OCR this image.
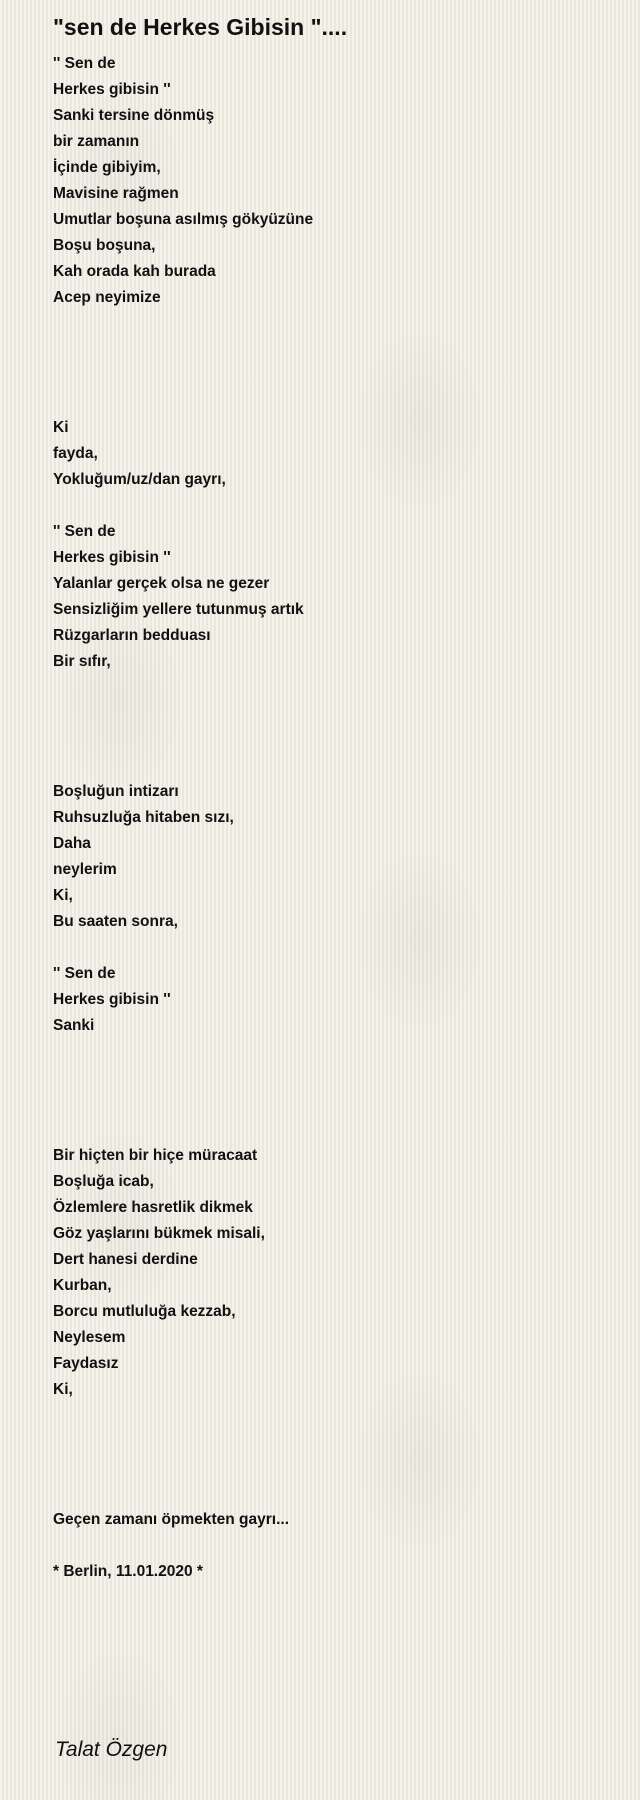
"sen de Herkes Gibisin "....
'' Sen de
Herkes gibisin ''
Sanki tersine dönmüş
bir zamanın
İçinde gibiyim,
Mavisine rağmen
Umutlar boşuna asılmış gökyüzüne
Boşu boşuna,
Kah orada kah burada
Acep neyimize
Ki
fayda,
Yokluğum/uz/dan gayrı,
'' Sen de
Herkes gibisin ''
Yalanlar gerçek olsa ne gezer
Sensizliğim yellere tutunmuş artık
Rüzgarların bedduası
Bir sıfır,
Boşluğun intizarı
Ruhsuzluğa hitaben sızı,
Daha
neylerim
Ki,
Bu saaten sonra,
'' Sen de
Herkes gibisin ''
Sanki
Bir hiçten bir hiçe müracaat
Boşluğa icab,
Özlemlere hasretlik dikmek
Göz yaşlarını bükmek misali,
Dert hanesi derdine
Kurban,
Borcu mutluluğa kezzab,
Neylesem
Faydasız
Ki,
Geçen zamanı öpmekten gayrı...
* Berlin, 11.01.2020 *
Talat Özgen
